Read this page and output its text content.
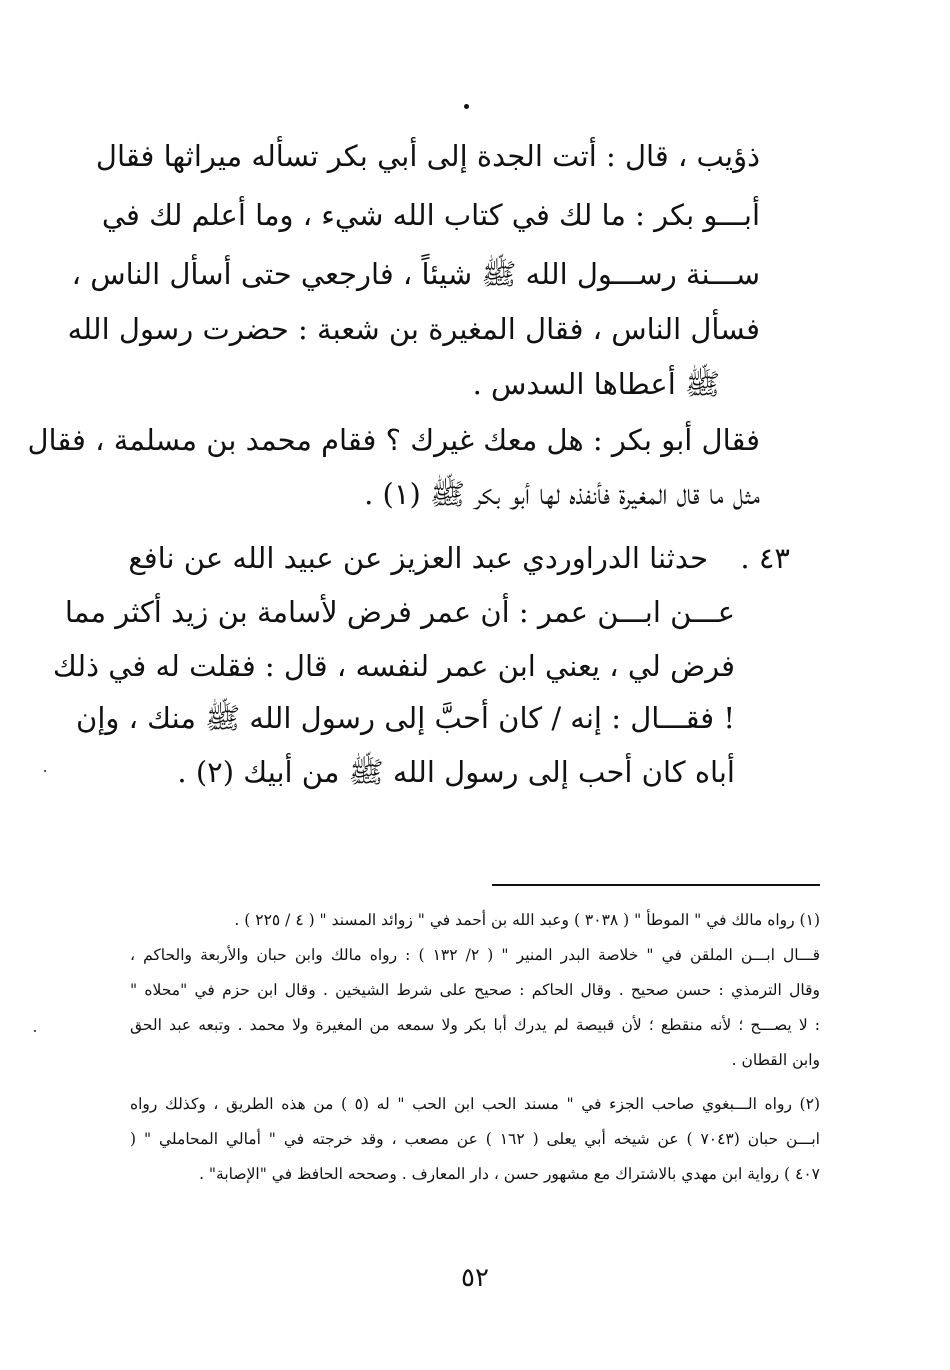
ذؤيب ، قال : أتت الجدة إلى أبي بكر تسأله ميراثها فقال
أبـــو بكر : ما لك في كتاب الله شيء ، وما أعلم لك في
ســـنة رســـول الله ﷺ شيئاً ، فارجعي حتى أسأل الناس ،
فسأل الناس ، فقال المغيرة بن شعبة : حضرت رسول الله
ﷺ أعطاها السدس .
فقال أبو بكر : هل معك غيرك ؟ فقام محمد بن مسلمة ، فقال
مثل ما قال المغيرة فأنفذه لها أبو بكر ﷺ (١) .
٤٣ .
حدثنا الدراوردي عبد العزيز عن عبيد الله عن نافع
عـــن ابـــن عمر : أن عمر فرض لأسامة بن زيد أكثر مما
فرض لي ، يعني ابن عمر لنفسه ، قال : فقلت له في ذلك
! فقـــال : إنه / كان أحبَّ إلى رسول الله ﷺ منك ، وإن
أباه كان أحب إلى رسول الله ﷺ من أبيك (٢) .
(١) رواه مالك في " الموطأ " ( ٣٠٣٨ ) وعبد الله بن أحمد في " زوائد المسند " ( ٤ / ٢٢٥ ) .
قـــال ابـــن الملقن في " خلاصة البدر المنير " ( ٢/ ١٣٢ ) : رواه مالك وابن حبان والأربعة والحاكم ،
وقال الترمذي : حسن صحيح . وقال الحاكم : صحيح على شرط الشيخين . وقال ابن حزم في "محلاه "
: لا يصـــح ؛ لأنه منقطع ؛ لأن قبيصة لم يدرك أبا بكر ولا سمعه من المغيرة ولا محمد . وتبعه عبد الحق
وابن القطان .
(٢) رواه الـــبغوي صاحب الجزء في " مسند الحب ابن الحب " له (٥ ) من هذه الطريق ، وكذلك رواه
ابـــن حبان (٧٠٤٣ ) عن شيخه أبي يعلى ( ١٦٢ ) عن مصعب ، وقد خرجته في " أمالي المحاملي " (
٤٠٧ ) رواية ابن مهدي بالاشتراك مع مشهور حسن ، دار المعارف . وصححه الحافظ في "الإصابة" .
٥٢
